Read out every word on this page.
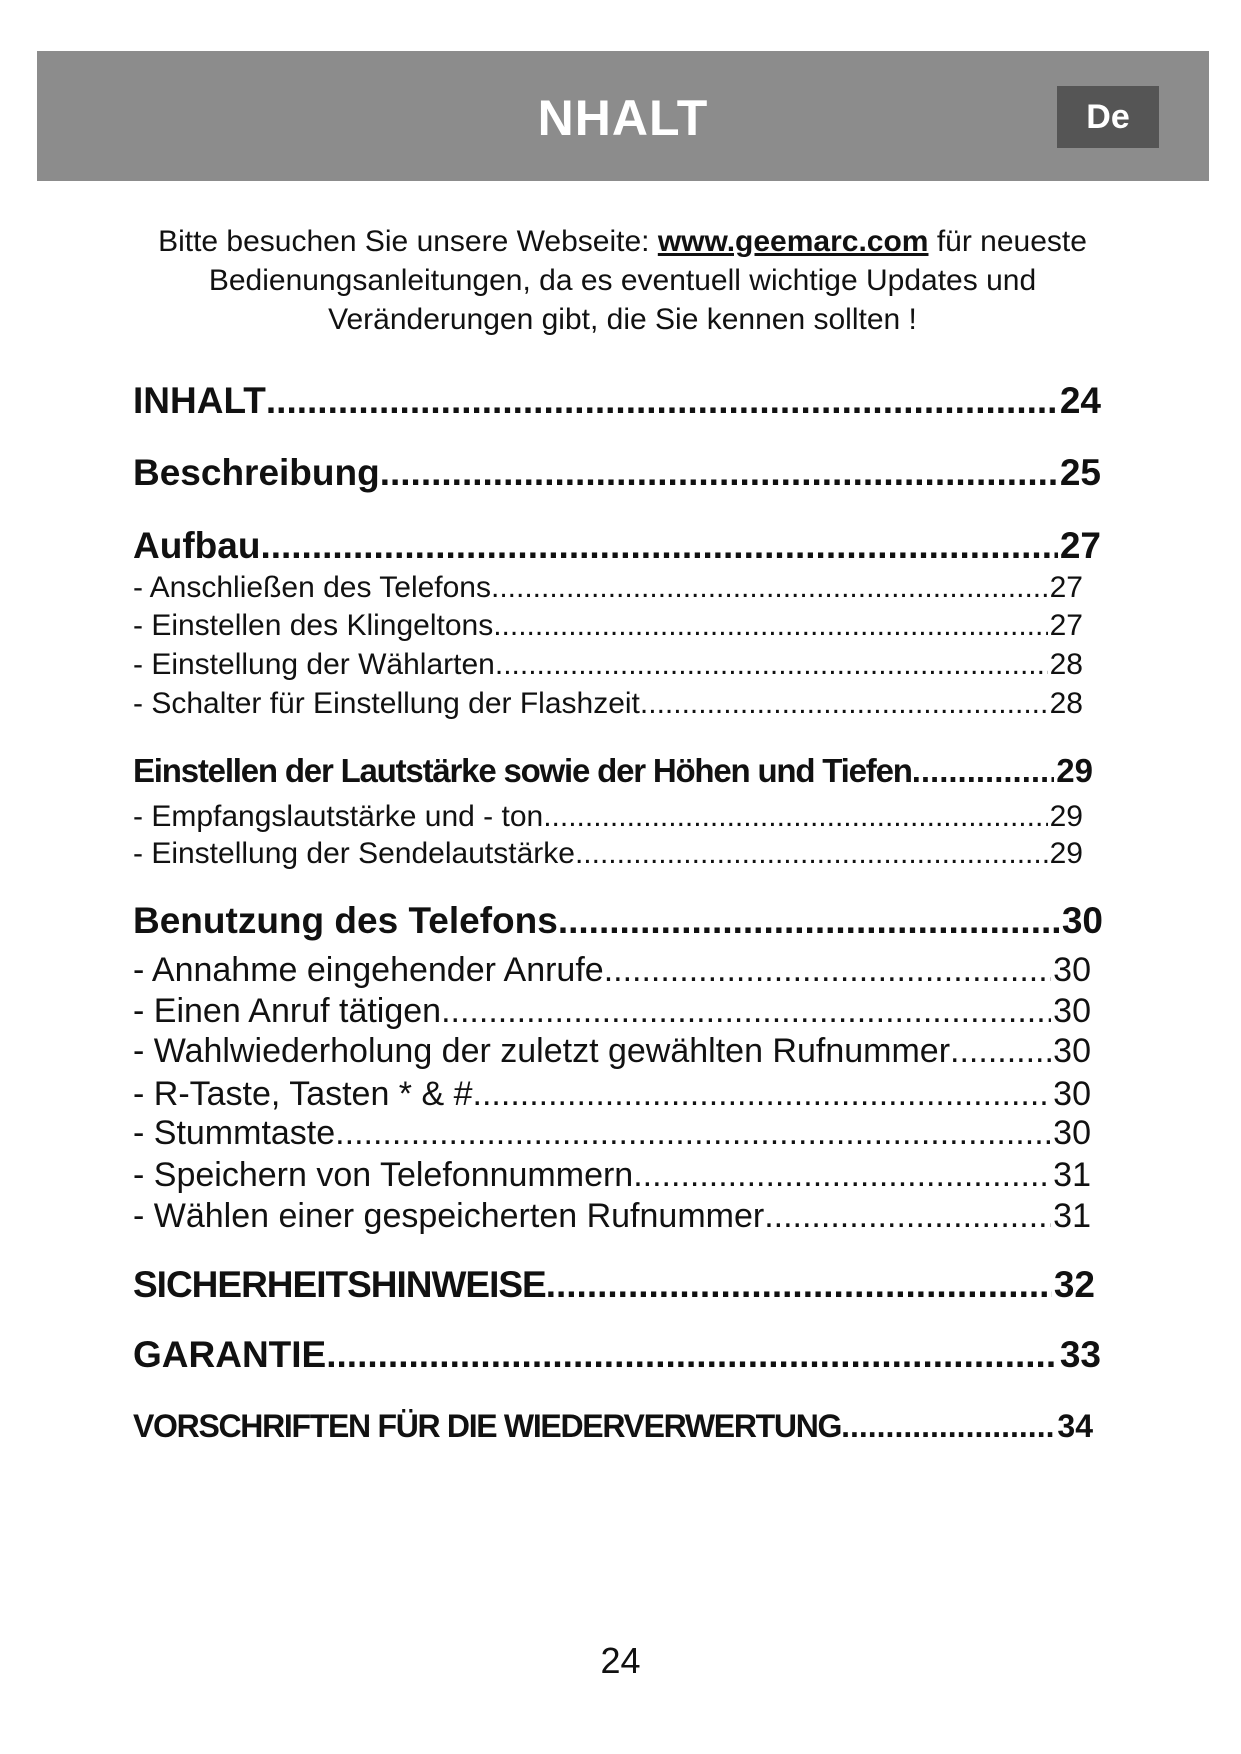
NHALT	De
Bitte besuchen Sie unsere Webseite: www.geemarc.com für neueste Bedienungsanleitungen, da es eventuell wichtige Updates und Veränderungen gibt, die Sie kennen sollten !
INHALT .....	24
Beschreibung .....	25
Aufbau .....	27
- Anschließen des Telefons .....	27
- Einstellen des Klingeltons .....	27
- Einstellung der Wählarten .....	28
- Schalter für Einstellung der Flashzeit .....	28
Einstellen der Lautstärke sowie der Höhen und Tiefen .....	29
- Empfangslautstärke und - ton .....	29
- Einstellung der Sendelautstärke .....	29
Benutzung des Telefons .....	30
- Annahme eingehender Anrufe .....	30
- Einen Anruf tätigen .....	30
- Wahlwiederholung der zuletzt gewählten Rufnummer .....	30
- R-Taste, Tasten * & # .....	30
- Stummtaste .....	30
- Speichern von Telefonnummern .....	31
- Wählen einer gespeicherten Rufnummer .....	31
SICHERHEITSHINWEISE .....	32
GARANTIE .....	33
VORSCHRIFTEN FÜR DIE WIEDERVERWERTUNG .....	34
24
